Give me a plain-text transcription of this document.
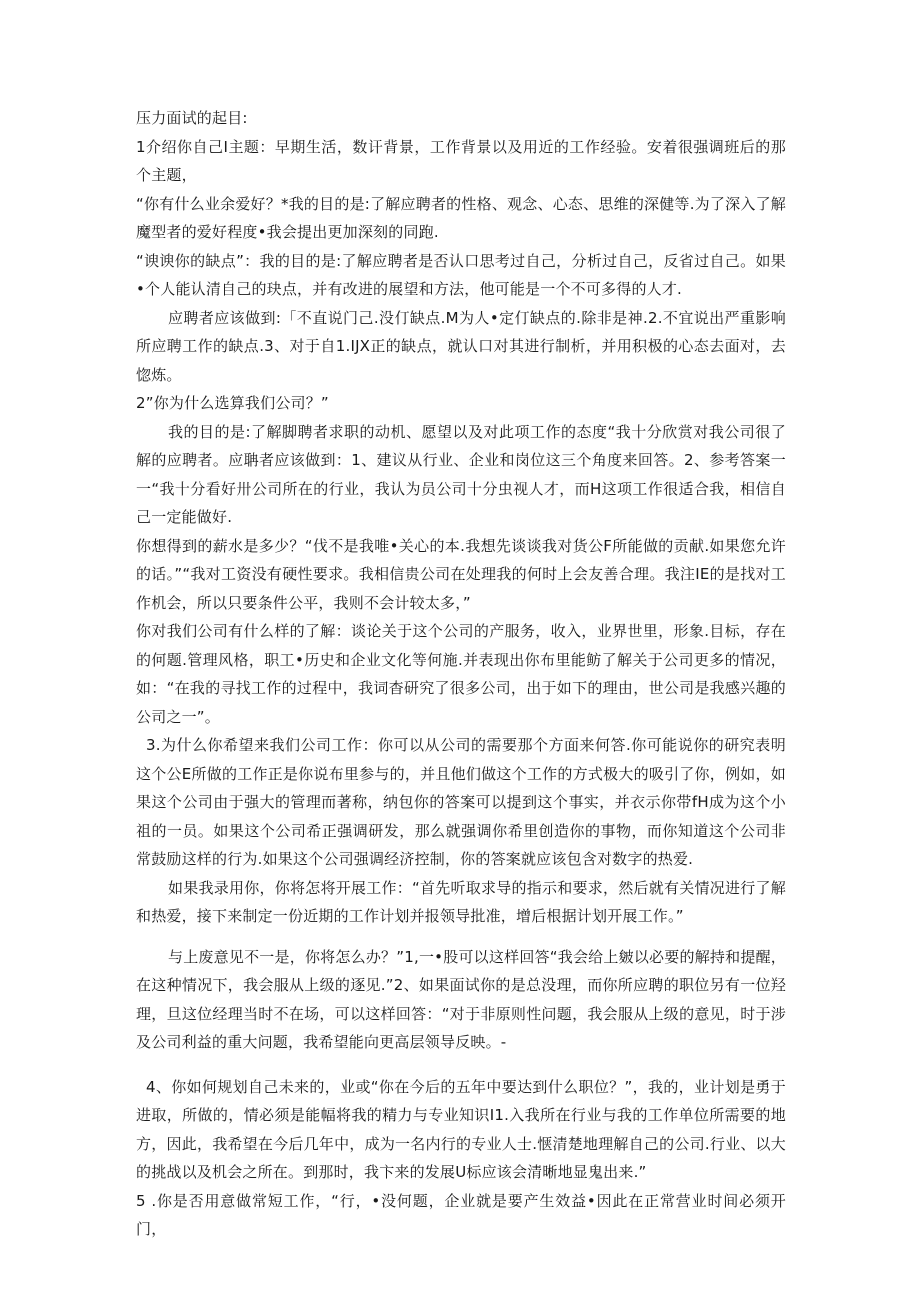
压力面试的起目:

1介绍你自己I主题：早期生活，数讦背景，工作背景以及用近的工作经验。安着很强调班后的那个主题，

“你有什么业余爱好？*我的目的是:了解应聘者的性格、观念、心态、思维的深健等.为了深入了解魔型者的爱好程度•我会提出更加深刻的同跑.

“谀谀你的缺点”：我的目的是:了解应聘者是否认口思考过自己，分析过自己，反省过自己。如果•个人能认清自己的玦点，并有改进的展望和方法，他可能是一个不可多得的人才.

应聘者应该做到:「不直说门己.没仃缺点.M为人•定仃缺点的.除非是神.2.不宜说出严重影响所应聘工作的缺点.3、对于自1.IJX正的缺点，就认口对其进行制析，并用积极的心态去面对，去惚炼。

2”你为什么选算我们公司？”

我的目的是:了解脚聘者求职的动机、愿望以及对此项工作的态度“我十分欣赏对我公司很了解的应聘者。应聃者应该做到：1、建议从行业、企业和岗位这三个角度来回答。2、参考答案一一“我十分看好卅公司所在的行业，我认为员公司十分虫视人才，而H这项工作很适合我，相信自己一定能做好.

你想得到的薪水是多少？“伐不是我唯•关心的本.我想先谈谈我对货公F所能做的贡献.如果您允许的话。”“我对工资没有硬性要求。我相信贵公司在处理我的何时上会友善合理。我注IE的是找对工作机会，所以只要条件公平，我则不会计较太多，”

你对我们公司有什么样的了解：谈论关于这个公司的产服务，收入，业界世里，形象.目标，存在的何题.管理风格，职工•历史和企业文化等何施.并表现出你布里能鲂了解关于公司更多的情况，如：“在我的寻找工作的过程中，我词杳研究了很多公司，出于如下的理由，世公司是我感兴趣的公司之一”。

3.为什么你希望来我们公司工作：你可以从公司的需要那个方面来何答.你可能说你的研究表明这个公E所做的工作正是你说布里参与的，并且他们做这个工作的方式极大的吸引了你，例如，如果这个公司由于强大的管理而著称，纳包你的答案可以提到这个事实，并衣示你带fH成为这个小祖的一员。如果这个公司希正强调研发，那么就强调你希里创造你的事物，而你知道这个公司非常鼓励这样的行为.如果这个公司强调经济控制，你的答案就应该包含对数字的热爱.

如果我录用你，你将怎将开展工作：“首先听取求导的指示和要求，然后就有关情况进行了解和热爱，接下来制定一份近期的工作计划并报领导批准，增后根据计划开展工作。”

与上废意见不一是，你将怎么办？”1,一•股可以这样回答“我会给上皴以必要的解持和提醒，在这种情况下，我会服从上级的逐见.”2、如果面试你的是总没理，而你所应聘的职位另有一位羟理，旦这位经理当时不在场，可以这样回答：“对于非原则性问题，我会服从上级的意见，时于涉及公司利益的重大问题，我希望能向更高层领导反映。-

4、你如何规划自己未来的，业或“你在今后的五年中要达到什么职位？”，我的，业计划是勇于进取，所做的，情必须是能幅将我的精力与专业知识I1.入我所在行业与我的工作单位所需要的地方，因此，我希望在今后几年中，成为一名内行的专业人士.惬清楚地理解自己的公司.行业、以大的挑战以及机会之所在。到那时，我卞来的发展U标应该会清晰地显鬼出来.”

5 .你是否用意做常短工作，“行，•没何题，企业就是要产生效益•因此在正常营业时间必须开门，
